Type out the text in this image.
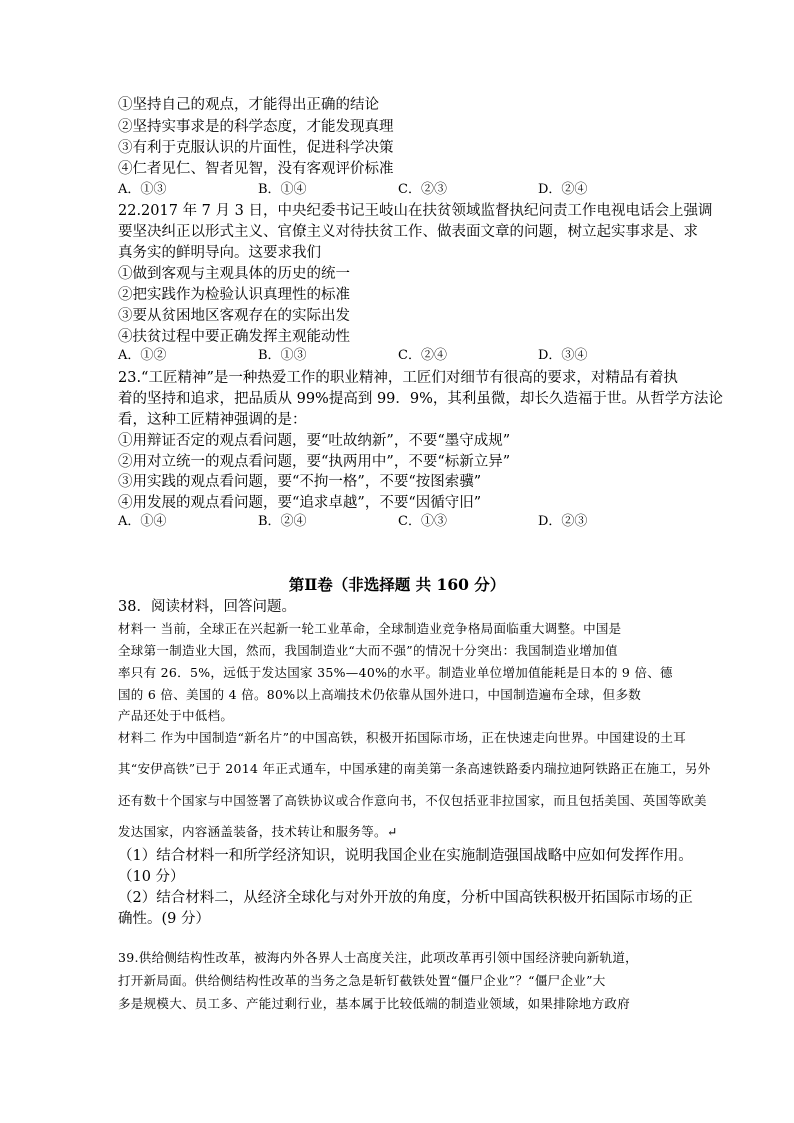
①坚持自己的观点，才能得出正确的结论
②坚持实事求是的科学态度，才能发现真理
③有利于克服认识的片面性，促进科学决策
④仁者见仁、智者见智，没有客观评价标准
A．①③	B．①④	C．②③	D．②④
22.2017 年 7 月 3 日，中央纪委书记王岐山在扶贫领域监督执纪问责工作电视电话会上强调
要坚决纠正以形式主义、官僚主义对待扶贫工作、做表面文章的问题，树立起实事求是、求
真务实的鲜明导向。这要求我们
①做到客观与主观具体的历史的统一
②把实践作为检验认识真理性的标准
③要从贫困地区客观存在的实际出发
④扶贫过程中要正确发挥主观能动性
A．①②	B．①③	C．②④	D．③④
23.“工匠精神”是一种热爱工作的职业精神，工匠们对细节有很高的要求，对精品有着执
着的坚持和追求，把品质从 99%提高到 99．9%，其利虽微，却长久造福于世。从哲学方法论
看，这种工匠精神强调的是：
①用辩证否定的观点看问题，要“吐故纳新”，不要“墨守成规”
②用对立统一的观点看问题，要“执两用中”，不要“标新立异”
③用实践的观点看问题，要“不拘一格”，不要“按图索骥”
④用发展的观点看问题，要“追求卓越”，不要“因循守旧”
A．①④	B．②④	C．①③	D．②③
第Ⅱ卷（非选择题 共 160 分）
38．阅读材料，回答问题。
材料一 当前，全球正在兴起新一轮工业革命，全球制造业竞争格局面临重大调整。中国是
全球第一制造业大国，然而，我国制造业“大而不强”的情况十分突出：我国制造业增加值
率只有 26．5%，远低于发达国家 35%—40%的水平。制造业单位增加值能耗是日本的 9 倍、德
国的 6 倍、美国的 4 倍。80%以上高端技术仍依靠从国外进口，中国制造遍布全球，但多数
产品还处于中低档。
材料二 作为中国制造“新名片”的中国高铁，积极开拓国际市场，正在快速走向世界。中国建设的土耳
其“安伊高铁”已于 2014 年正式通车，中国承建的南美第一条高速铁路委内瑞拉迪阿铁路正在施工，另外
还有数十个国家与中国签署了高铁协议或合作意向书，不仅包括亚非拉国家，而且包括美国、英国等欧美
发达国家，内容涵盖装备，技术转让和服务等。↵
（1）结合材料一和所学经济知识，说明我国企业在实施制造强国战略中应如何发挥作用。
（10 分）
（2）结合材料二，从经济全球化与对外开放的角度，分析中国高铁积极开拓国际市场的正
确性。(9 分）
39.供给侧结构性改革，被海内外各界人士高度关注，此项改革再引领中国经济驶向新轨道，
打开新局面。供给侧结构性改革的当务之急是斩钉截铁处置“僵尸企业”？“僵尸企业”大
多是规模大、员工多、产能过剩行业，基本属于比较低端的制造业领域，如果排除地方政府
